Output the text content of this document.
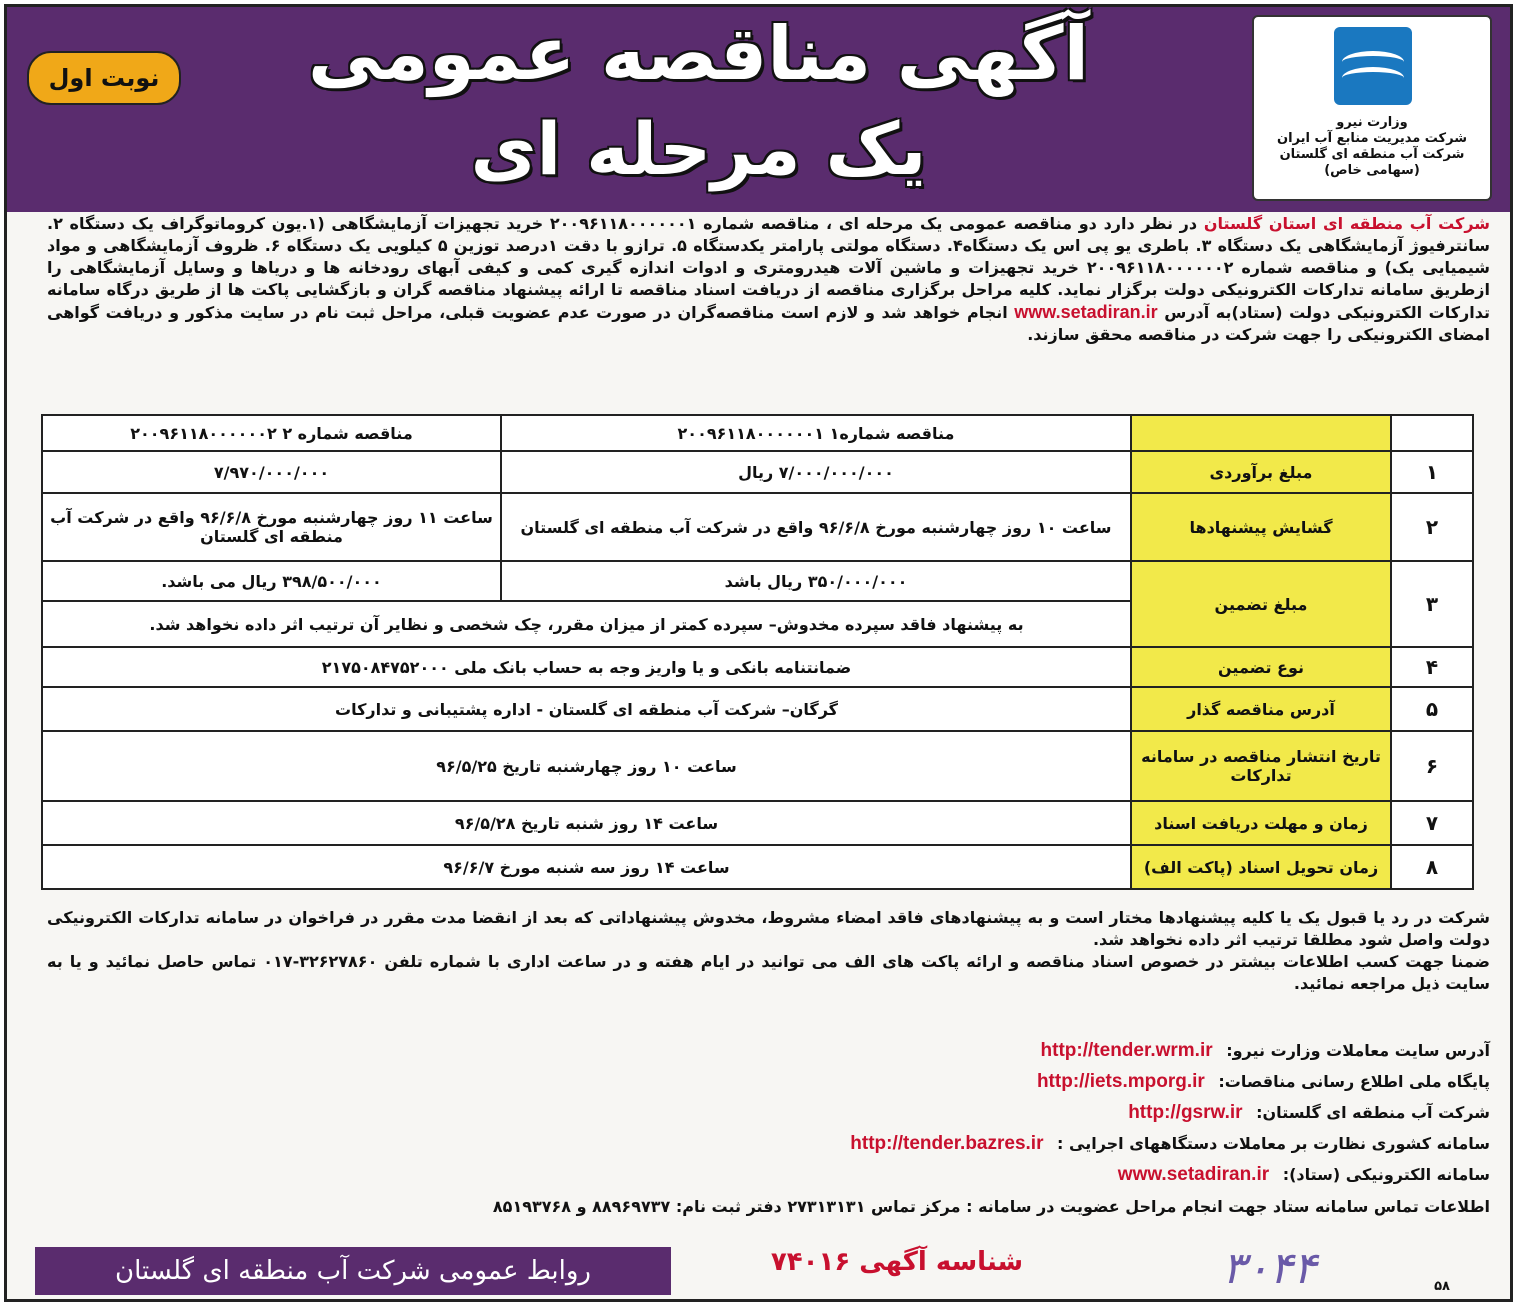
آگهی مناقصه عمومی
یک مرحله ای
نوبت اول
وزارت نیرو
شرکت مدیریت منابع آب ایران
شرکت آب منطقه ای گلستان
(سهامی خاص)
شرکت آب منطقه ای استان گلستان در نظر دارد دو مناقصه عمومی یک مرحله ای ، مناقصه شماره ۲۰۰۹۶۱۱۸۰۰۰۰۰۰۱ خرید تجهیزات آزمایشگاهی (۱.یون کروماتوگراف یک دستگاه ۲. سانترفیوژ آزمایشگاهی یک دستگاه ۳. باطری یو پی اس یک دستگاه۴. دستگاه مولتی پارامتر یکدستگاه ۵. ترازو با دقت ۱درصد توزین ۵ کیلویی یک دستگاه ۶. ظروف آزمایشگاهی و مواد شیمیایی یک) و مناقصه شماره ۲۰۰۹۶۱۱۸۰۰۰۰۰۰۲ خرید تجهیزات و ماشین آلات هیدرومتری و ادوات اندازه گیری کمی و کیفی آبهای رودخانه ها و دریاها و وسایل آزمایشگاهی را ازطریق سامانه تدارکات الکترونیکی دولت برگزار نماید. کلیه مراحل برگزاری مناقصه از دریافت اسناد مناقصه تا ارائه پیشنهاد مناقصه گران و بازگشایی پاکت ها از طریق درگاه سامانه تدارکات الکترونیکی دولت (ستاد)به آدرس www.setadiran.ir انجام خواهد شد و لازم است مناقصه‌گران در صورت عدم عضویت قبلی، مراحل ثبت نام در سایت مذکور و دریافت گواهی امضای الکترونیکی را جهت شرکت در مناقصه محقق سازند.
		مناقصه شماره۱ ۲۰۰۹۶۱۱۸۰۰۰۰۰۰۱	مناقصه شماره ۲ ۲۰۰۹۶۱۱۸۰۰۰۰۰۰۲
۱	مبلغ برآوردی	۷/۰۰۰/۰۰۰/۰۰۰ ریال	۷/۹۷۰/۰۰۰/۰۰۰
۲	گشایش پیشنهادها	ساعت ۱۰ روز چهارشنبه مورخ ۹۶/۶/۸ واقع در شرکت آب منطقه ای گلستان	ساعت ۱۱ روز چهارشنبه مورخ ۹۶/۶/۸ واقع در شرکت آب منطقه ای گلستان
۳	مبلغ تضمین	۳۵۰/۰۰۰/۰۰۰ ریال باشد	۳۹۸/۵۰۰/۰۰۰ ریال می باشد.
		به پیشنهاد فاقد سپرده مخدوش– سپرده کمتر از میزان مقرر، چک شخصی و نظایر آن ترتیب اثر داده نخواهد شد.	
۴	نوع تضمین	ضمانتنامه بانکی و یا واریز وجه به حساب بانک ملی ۲۱۷۵۰۸۴۷۵۲۰۰۰	
۵	آدرس مناقصه گذار	گرگان– شرکت آب منطقه ای گلستان - اداره پشتیبانی و تدارکات	
۶	تاریخ انتشار مناقصه در سامانه تدارکات	ساعت ۱۰ روز چهارشنبه تاریخ ۹۶/۵/۲۵	
۷	زمان و مهلت دریافت اسناد	ساعت ۱۴ روز شنبه تاریخ ۹۶/۵/۲۸	
۸	زمان تحویل اسناد (پاکت الف)	ساعت ۱۴ روز سه شنبه مورخ ۹۶/۶/۷	
شرکت در رد یا قبول یک یا کلیه پیشنهادها مختار است و به پیشنهادهای فاقد امضاء مشروط، مخدوش پیشنهاداتی که بعد از انقضا مدت مقرر در فراخوان در سامانه تدارکات الکترونیکی دولت واصل شود مطلقا ترتیب اثر داده نخواهد شد.
ضمنا جهت کسب اطلاعات بیشتر در خصوص اسناد مناقصه و ارائه پاکت های الف می توانید در ایام هفته و در ساعت اداری با شماره تلفن ۳۲۶۲۷۸۶۰-۰۱۷ تماس حاصل نمائید و یا به سایت ذیل مراجعه نمائید.
آدرس سایت معاملات وزارت نیرو: http://tender.wrm.ir
پایگاه ملی اطلاع رسانی مناقصات: http://iets.mporg.ir
شرکت آب منطقه ای گلستان: http://gsrw.ir
سامانه کشوری نظارت بر معاملات دستگاههای اجرایی : http://tender.bazres.ir
سامانه الکترونیکی (ستاد): www.setadiran.ir
اطلاعات تماس سامانه ستاد جهت انجام مراحل عضویت در سامانه : مرکز تماس ۲۷۳۱۳۱۳۱ دفتر ثبت نام: ۸۸۹۶۹۷۳۷ و ۸۵۱۹۳۷۶۸
شناسه آگهی ۷۴۰۱۶
روابط عمومی شرکت آب منطقه ای گلستان	۳۰۴۴	۵۸
